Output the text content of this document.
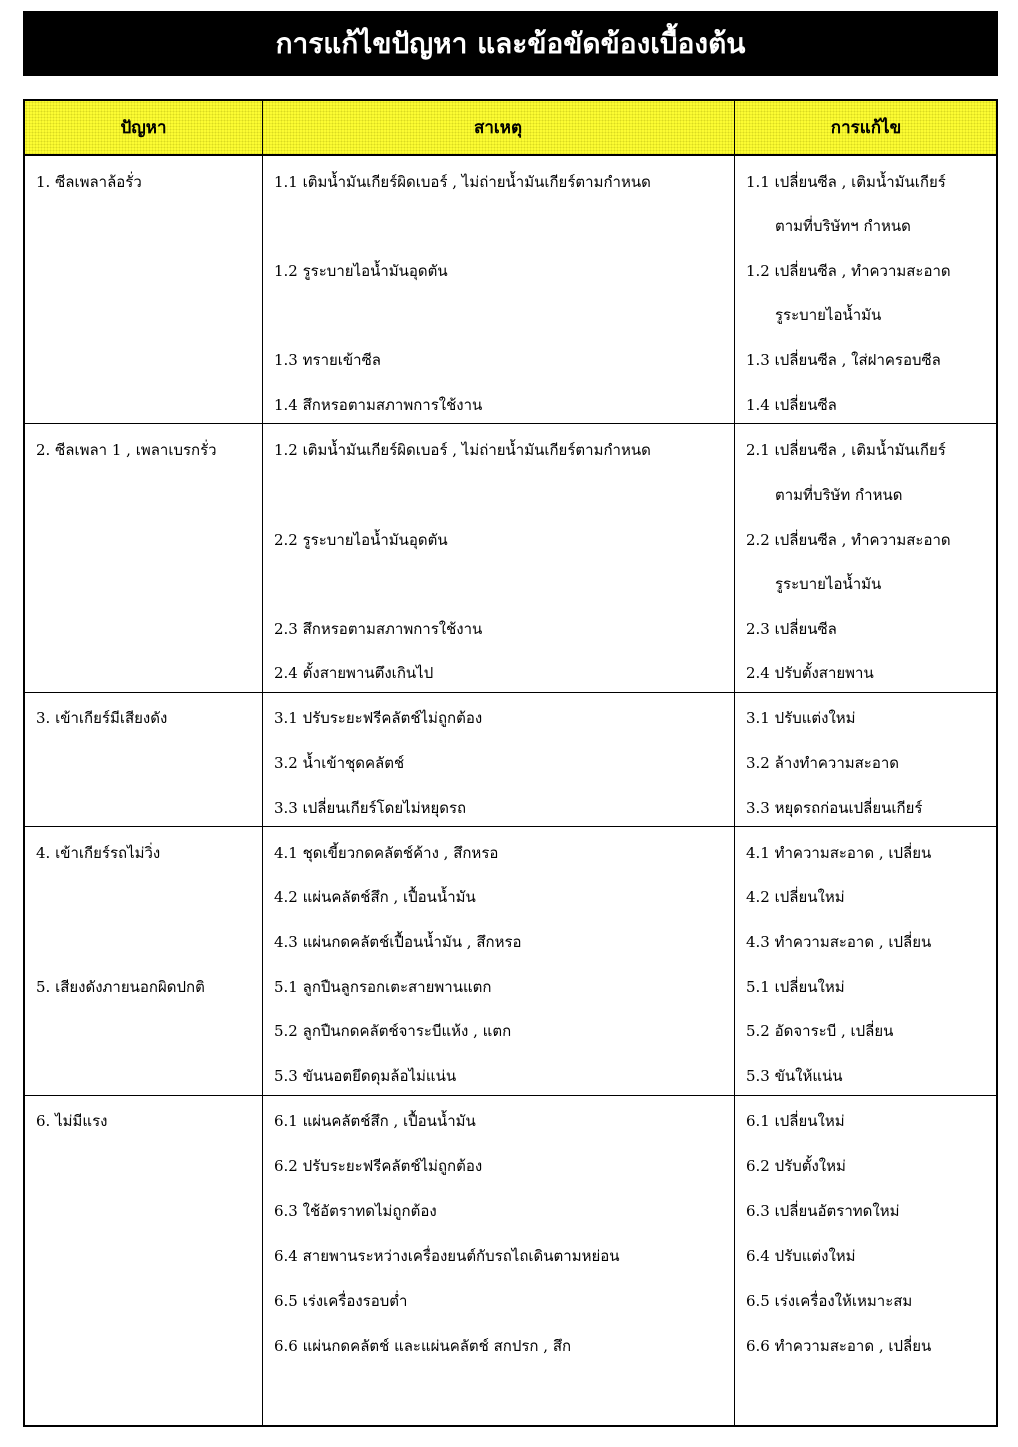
การแก้ไขปัญหา และข้อขัดข้องเบื้องต้น
ปัญหา	สาเหตุ	การแก้ไข
1. ซีลเพลาล้อรั่ว	1.1 เติมน้ำมันเกียร์ผิดเบอร์ , ไม่ถ่ายน้ำมันเกียร์ตามกำหนด	1.1 เปลี่ยนซีล , เติมน้ำมันเกียร์
ตามที่บริษัทฯ กำหนด
1.2 รูระบายไอน้ำมันอุดตัน	1.2 เปลี่ยนซีล , ทำความสะอาด
รูระบายไอน้ำมัน
1.3 ทรายเข้าซีล	1.3 เปลี่ยนซีล , ใส่ฝาครอบซีล
1.4 สึกหรอตามสภาพการใช้งาน	1.4 เปลี่ยนซีล
2. ซีลเพลา 1 , เพลาเบรกรั่ว	1.2 เติมน้ำมันเกียร์ผิดเบอร์ , ไม่ถ่ายน้ำมันเกียร์ตามกำหนด	2.1 เปลี่ยนซีล , เติมน้ำมันเกียร์
ตามที่บริษัท กำหนด
2.2 รูระบายไอน้ำมันอุดตัน	2.2 เปลี่ยนซีล , ทำความสะอาด
รูระบายไอน้ำมัน
2.3 สึกหรอตามสภาพการใช้งาน	2.3 เปลี่ยนซีล
2.4 ตั้งสายพานตึงเกินไป	2.4 ปรับตั้งสายพาน
3. เข้าเกียร์มีเสียงดัง	3.1 ปรับระยะฟรีคลัตช์ไม่ถูกต้อง	3.1 ปรับแต่งใหม่
3.2 น้ำเข้าชุดคลัตช์	3.2 ล้างทำความสะอาด
3.3 เปลี่ยนเกียร์โดยไม่หยุดรถ	3.3 หยุดรถก่อนเปลี่ยนเกียร์
4. เข้าเกียร์รถไม่วิ่ง	4.1 ชุดเขี้ยวกดคลัตช์ค้าง , สึกหรอ	4.1 ทำความสะอาด , เปลี่ยน
4.2 แผ่นคลัตช์สึก , เปื้อนน้ำมัน	4.2 เปลี่ยนใหม่
4.3 แผ่นกดคลัตช์เปื้อนน้ำมัน , สึกหรอ	4.3 ทำความสะอาด , เปลี่ยน
5. เสียงดังภายนอกผิดปกติ	5.1 ลูกปืนลูกรอกเตะสายพานแตก	5.1 เปลี่ยนใหม่
5.2 ลูกปืนกดคลัตช์จาระบีแห้ง , แตก	5.2 อัดจาระบี , เปลี่ยน
5.3 ขันนอตยึดดุมล้อไม่แน่น	5.3 ขันให้แน่น
6. ไม่มีแรง	6.1 แผ่นคลัตช์สึก , เปื้อนน้ำมัน	6.1 เปลี่ยนใหม่
6.2 ปรับระยะฟรีคลัตช์ไม่ถูกต้อง	6.2 ปรับตั้งใหม่
6.3 ใช้อัตราทดไม่ถูกต้อง	6.3 เปลี่ยนอัตราทดใหม่
6.4 สายพานระหว่างเครื่องยนต์กับรถไถเดินตามหย่อน	6.4 ปรับแต่งใหม่
6.5 เร่งเครื่องรอบต่ำ	6.5 เร่งเครื่องให้เหมาะสม
6.6 แผ่นกดคลัตช์ และแผ่นคลัตช์ สกปรก , สึก	6.6 ทำความสะอาด , เปลี่ยน
